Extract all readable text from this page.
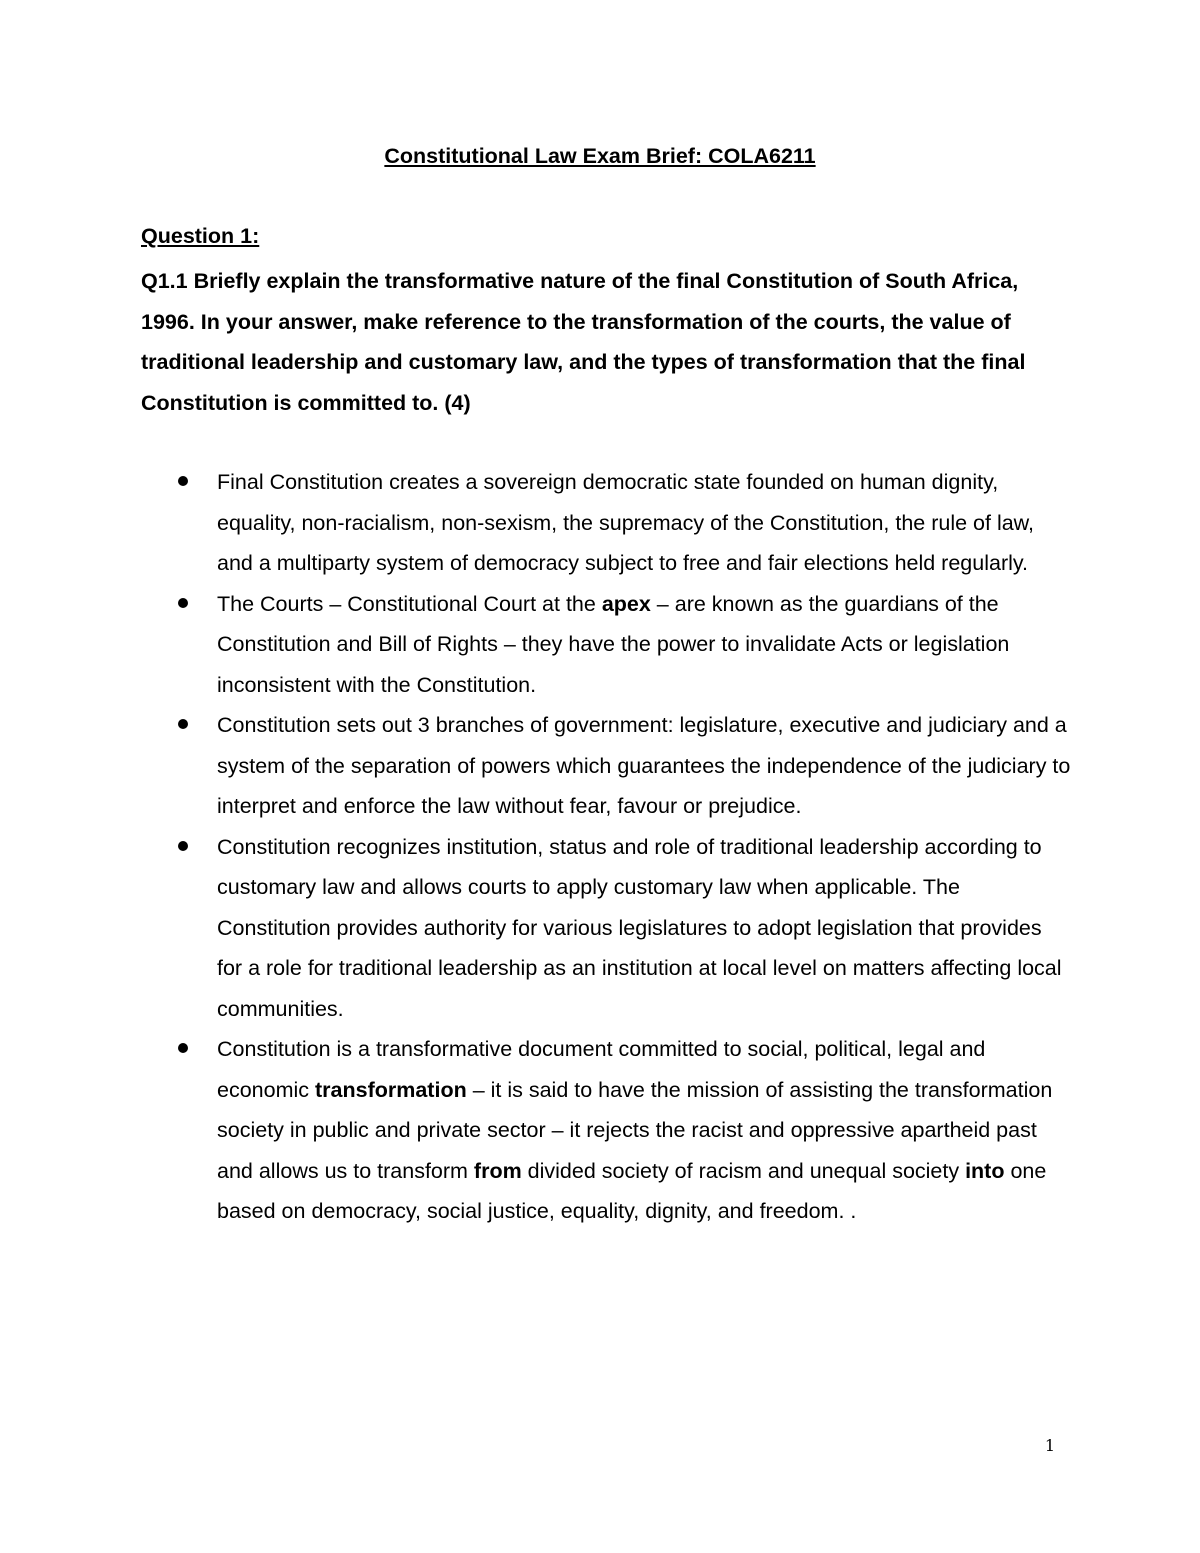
Constitutional Law Exam Brief: COLA6211
Question 1:
Q1.1 Briefly explain the transformative nature of the final Constitution of South Africa, 1996. In your answer, make reference to the transformation of the courts, the value of traditional leadership and customary law, and the types of transformation that the final Constitution is committed to. (4)
Final Constitution creates a sovereign democratic state founded on human dignity, equality, non-racialism, non-sexism, the supremacy of the Constitution, the rule of law, and a multiparty system of democracy subject to free and fair elections held regularly.
The Courts – Constitutional Court at the apex – are known as the guardians of the Constitution and Bill of Rights – they have the power to invalidate Acts or legislation inconsistent with the Constitution.
Constitution sets out 3 branches of government: legislature, executive and judiciary and a system of the separation of powers which guarantees the independence of the judiciary to interpret and enforce the law without fear, favour or prejudice.
Constitution recognizes institution, status and role of traditional leadership according to customary law and allows courts to apply customary law when applicable. The Constitution provides authority for various legislatures to adopt legislation that provides for a role for traditional leadership as an institution at local level on matters affecting local communities.
Constitution is a transformative document committed to social, political, legal and economic transformation – it is said to have the mission of assisting the transformation society in public and private sector – it rejects the racist and oppressive apartheid past and allows us to transform from divided society of racism and unequal society into one based on democracy, social justice, equality, dignity, and freedom. .
1
